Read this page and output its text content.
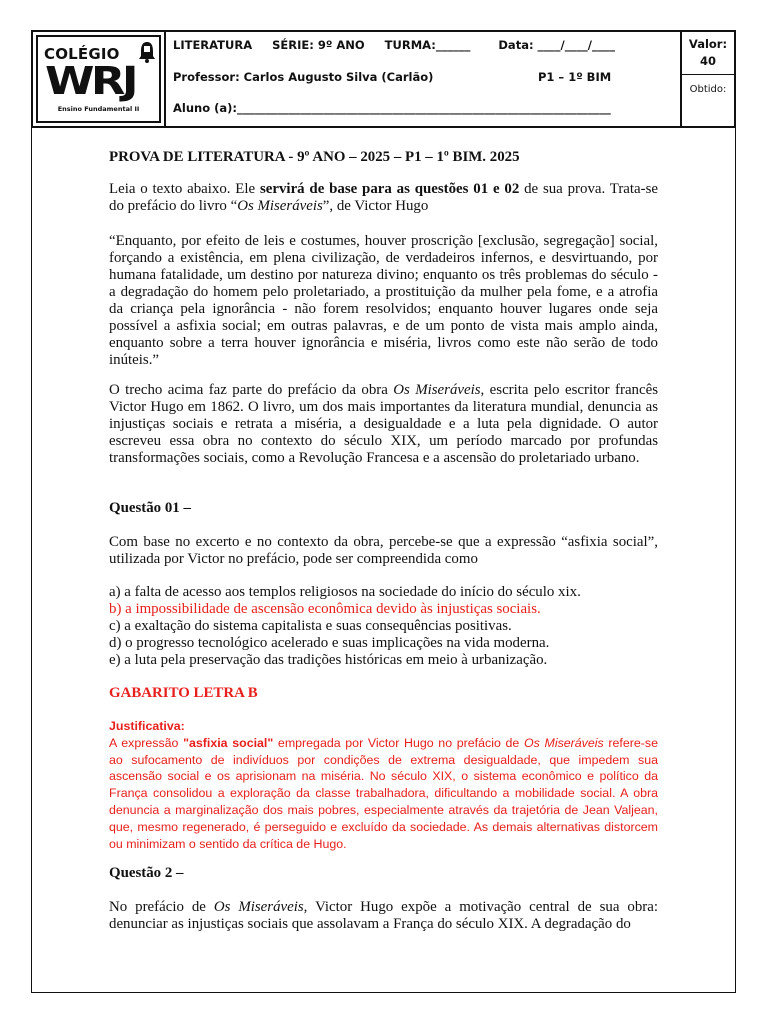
COLÉGIO
WRJ
Ensino Fundamental II
LITERATURA     SÉRIE: 9º ANO     TURMA:______       Data: ____/____/____
Professor: Carlos Augusto Silva (Carlão)	P1 – 1º BIM
Aluno (a):_________________________________________________________________
Valor:
40
Obtido:
PROVA DE LITERATURA - 9º ANO – 2025 – P1 – 1º BIM. 2025

Leia o texto abaixo. Ele servirá de base para as questões 01 e 02 de sua prova. Trata-se do prefácio do livro “Os Miseráveis”, de Victor Hugo

“Enquanto, por efeito de leis e costumes, houver proscrição [exclusão, segregação] social, forçando a existência, em plena civilização, de verdadeiros infernos, e desvirtuando, por humana fatalidade, um destino por natureza divino; enquanto os três problemas do século - a degradação do homem pelo proletariado, a prostituição da mulher pela fome, e a atrofia da criança pela ignorância - não forem resolvidos; enquanto houver lugares onde seja possível a asfixia social; em outras palavras, e de um ponto de vista mais amplo ainda, enquanto sobre a terra houver ignorância e miséria, livros como este não serão de todo inúteis.”

O trecho acima faz parte do prefácio da obra Os Miseráveis, escrita pelo escritor francês Victor Hugo em 1862. O livro, um dos mais importantes da literatura mundial, denuncia as injustiças sociais e retrata a miséria, a desigualdade e a luta pela dignidade. O autor escreveu essa obra no contexto do século XIX, um período marcado por profundas transformações sociais, como a Revolução Francesa e a ascensão do proletariado urbano.

Questão 01 –

Com base no excerto e no contexto da obra, percebe-se que a expressão “asfixia social”, utilizada por Victor no prefácio, pode ser compreendida como

a) a falta de acesso aos templos religiosos na sociedade do início do século xix.
b) a impossibilidade de ascensão econômica devido às injustiças sociais.
c) a exaltação do sistema capitalista e suas consequências positivas.
d) o progresso tecnológico acelerado e suas implicações na vida moderna.
e) a luta pela preservação das tradições históricas em meio à urbanização.
GABARITO LETRA B
Justificativa:
A expressão "asfixia social" empregada por Victor Hugo no prefácio de Os Miseráveis refere-se ao sufocamento de indivíduos por condições de extrema desigualdade, que impedem sua ascensão social e os aprisionam na miséria. No século XIX, o sistema econômico e político da França consolidou a exploração da classe trabalhadora, dificultando a mobilidade social. A obra denuncia a marginalização dos mais pobres, especialmente através da trajetória de Jean Valjean, que, mesmo regenerado, é perseguido e excluído da sociedade. As demais alternativas distorcem ou minimizam o sentido da crítica de Hugo.
Questão 2 –

No prefácio de Os Miseráveis, Victor Hugo expõe a motivação central de sua obra: denunciar as injustiças sociais que assolavam a França do século XIX. A degradação do
